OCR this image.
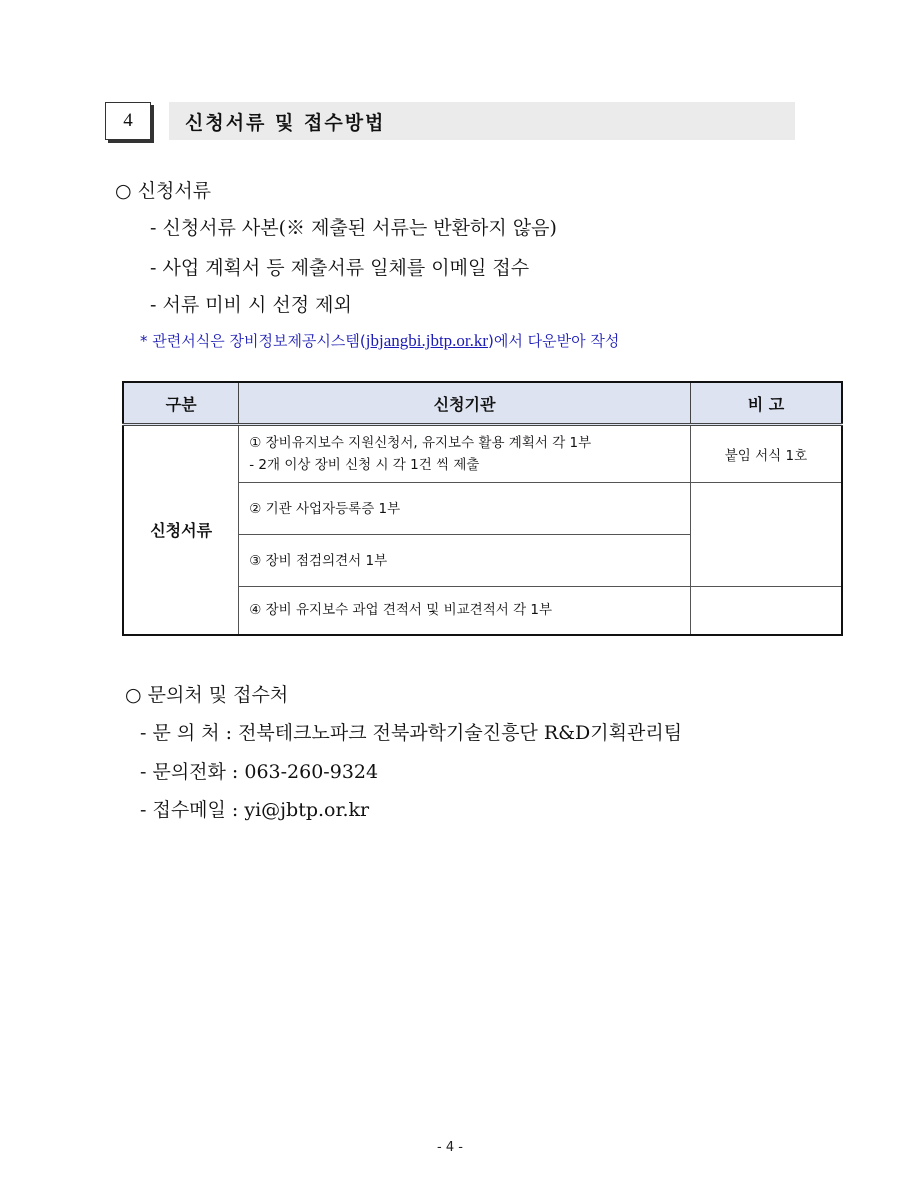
4	신청서류 및 접수방법
○ 신청서류
- 신청서류 사본(※ 제출된 서류는 반환하지 않음)
- 사업 계획서 등 제출서류 일체를 이메일 접수
- 서류 미비 시 선정 제외
* 관련서식은 장비정보제공시스템(jbjangbi.jbtp.or.kr)에서 다운받아 작성
구분	신청기관	비 고
신청서류	① 장비유지보수 지원신청서, 유지보수 활용 계획서 각 1부
- 2개 이상 장비 신청 시 각 1건 씩 제출	붙임 서식 1호

	② 기관 사업자등록증 1부	

	③ 장비 점검의견서 1부	

	④ 장비 유지보수 과업 견적서 및 비교견적서 각 1부	

○ 문의처 및 접수처
- 문 의 처 : 전북테크노파크 전북과학기술진흥단 R&D기획관리팀
- 문의전화 : 063-260-9324
- 접수메일 : yi@jbtp.or.kr
- 4 -
